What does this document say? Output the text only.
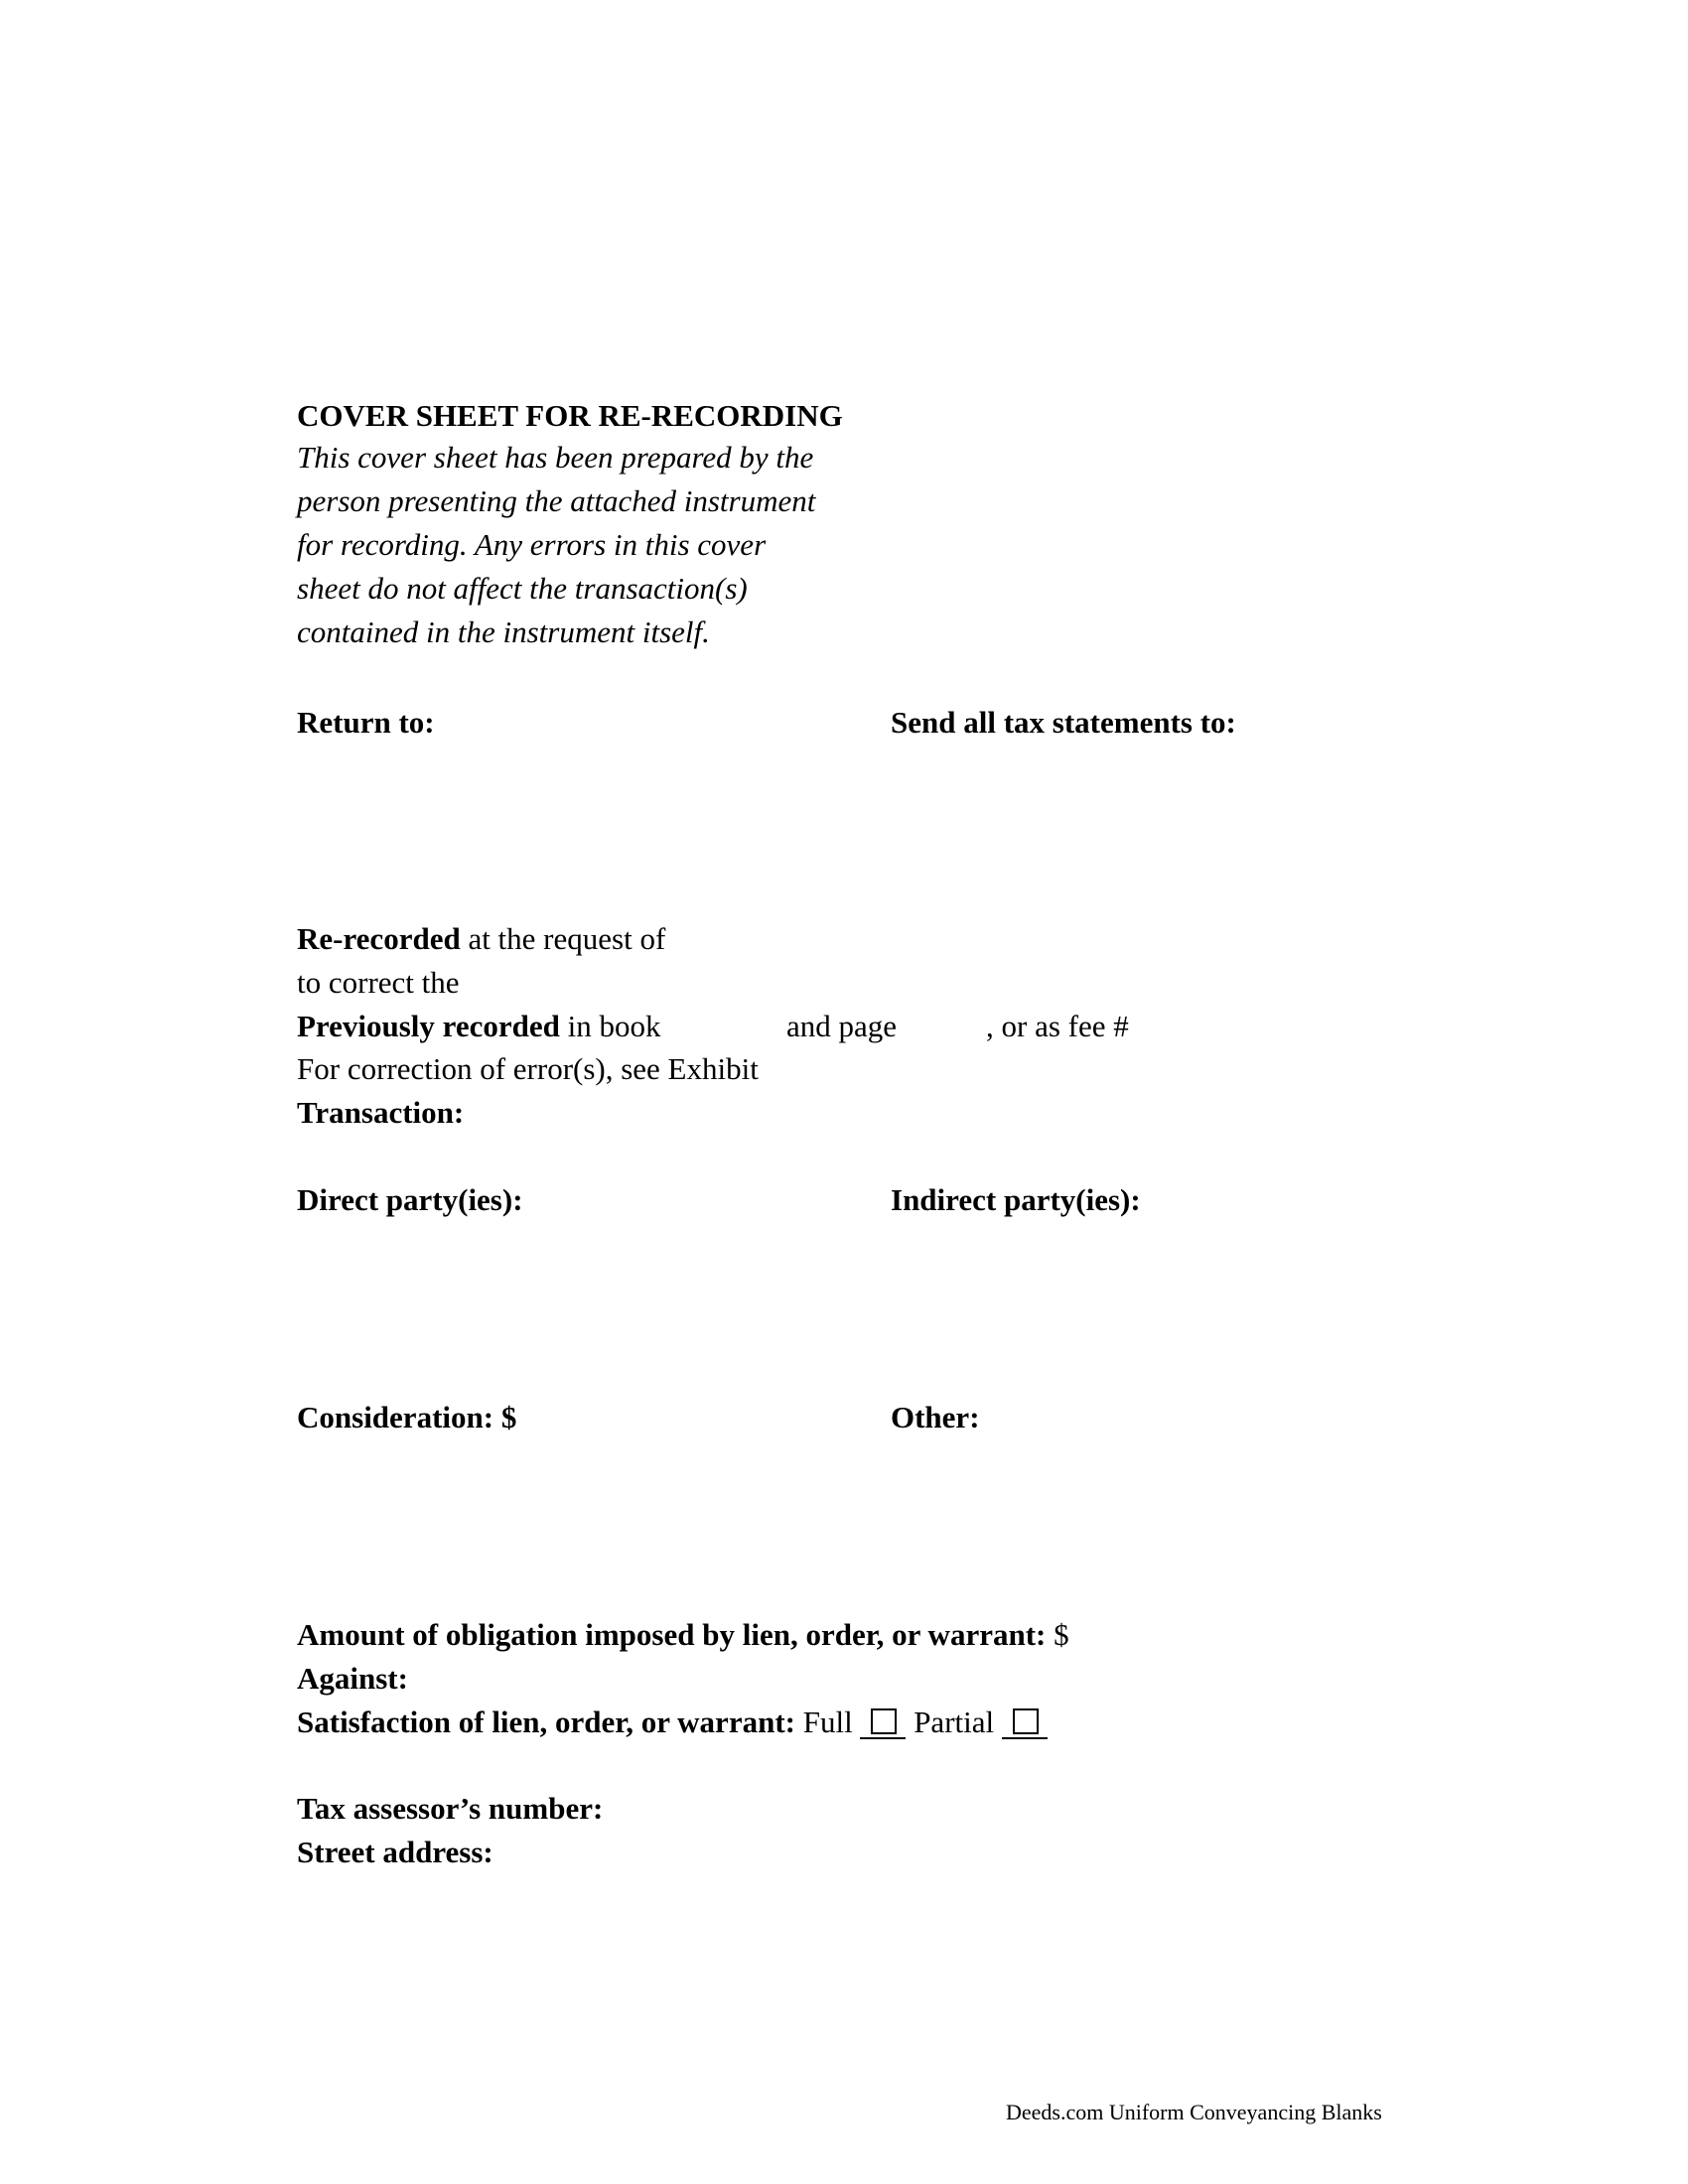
COVER SHEET FOR RE-RECORDING
This cover sheet has been prepared by the
person presenting the attached instrument
for recording. Any errors in this cover
sheet do not affect the transaction(s)
contained in the instrument itself.
Return to:	Send all tax statements to:
Re-recorded at the request of
to correct the
Previously recorded in book	and page	, or as fee #
For correction of error(s), see Exhibit
Transaction:
Direct party(ies):	Indirect party(ies):
Consideration: $	Other:
Amount of obligation imposed by lien, order, or warrant: $
Against:
Satisfaction of lien, order, or warrant: Full  Partial
Tax assessor’s number:
Street address:
Deeds.com Uniform Conveyancing Blanks
